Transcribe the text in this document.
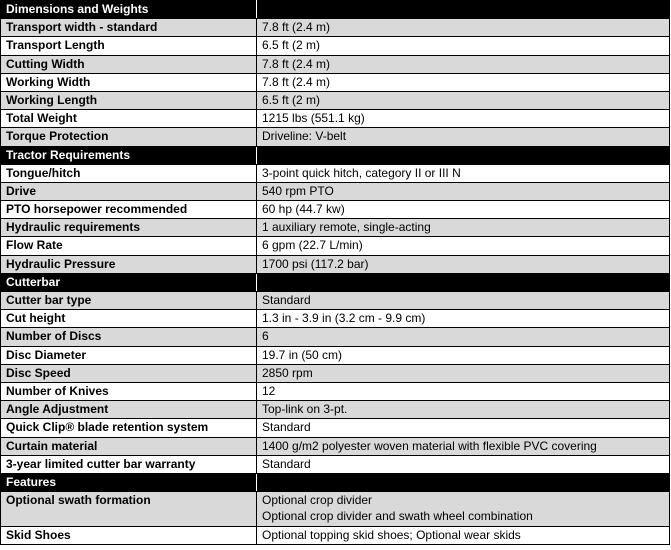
Dimensions and Weights	
Transport width - standard	7.8 ft (2.4 m)
Transport Length	6.5 ft (2 m)
Cutting Width	7.8 ft (2.4 m)
Working Width	7.8 ft (2.4 m)
Working Length	6.5 ft (2 m)
Total Weight	1215 lbs (551.1 kg)
Torque Protection	Driveline: V-belt
Tractor Requirements	
Tongue/hitch	3-point quick hitch, category II or III N
Drive	540 rpm PTO
PTO horsepower recommended	60 hp (44.7 kw)
Hydraulic requirements	1 auxiliary remote, single-acting
Flow Rate	6 gpm (22.7 L/min)
Hydraulic Pressure	1700 psi (117.2 bar)
Cutterbar	
Cutter bar type	Standard
Cut height	1.3 in - 3.9 in (3.2 cm - 9.9 cm)
Number of Discs	6
Disc Diameter	19.7 in (50 cm)
Disc Speed	2850 rpm
Number of Knives	12
Angle Adjustment	Top-link on 3-pt.
Quick Clip® blade retention system	Standard
Curtain material	1400 g/m2 polyester woven material with flexible PVC covering
3-year limited cutter bar warranty	Standard
Features	
Optional swath formation	Optional crop divider
Optional crop divider and swath wheel combination

Skid Shoes	Optional topping skid shoes; Optional wear skids
